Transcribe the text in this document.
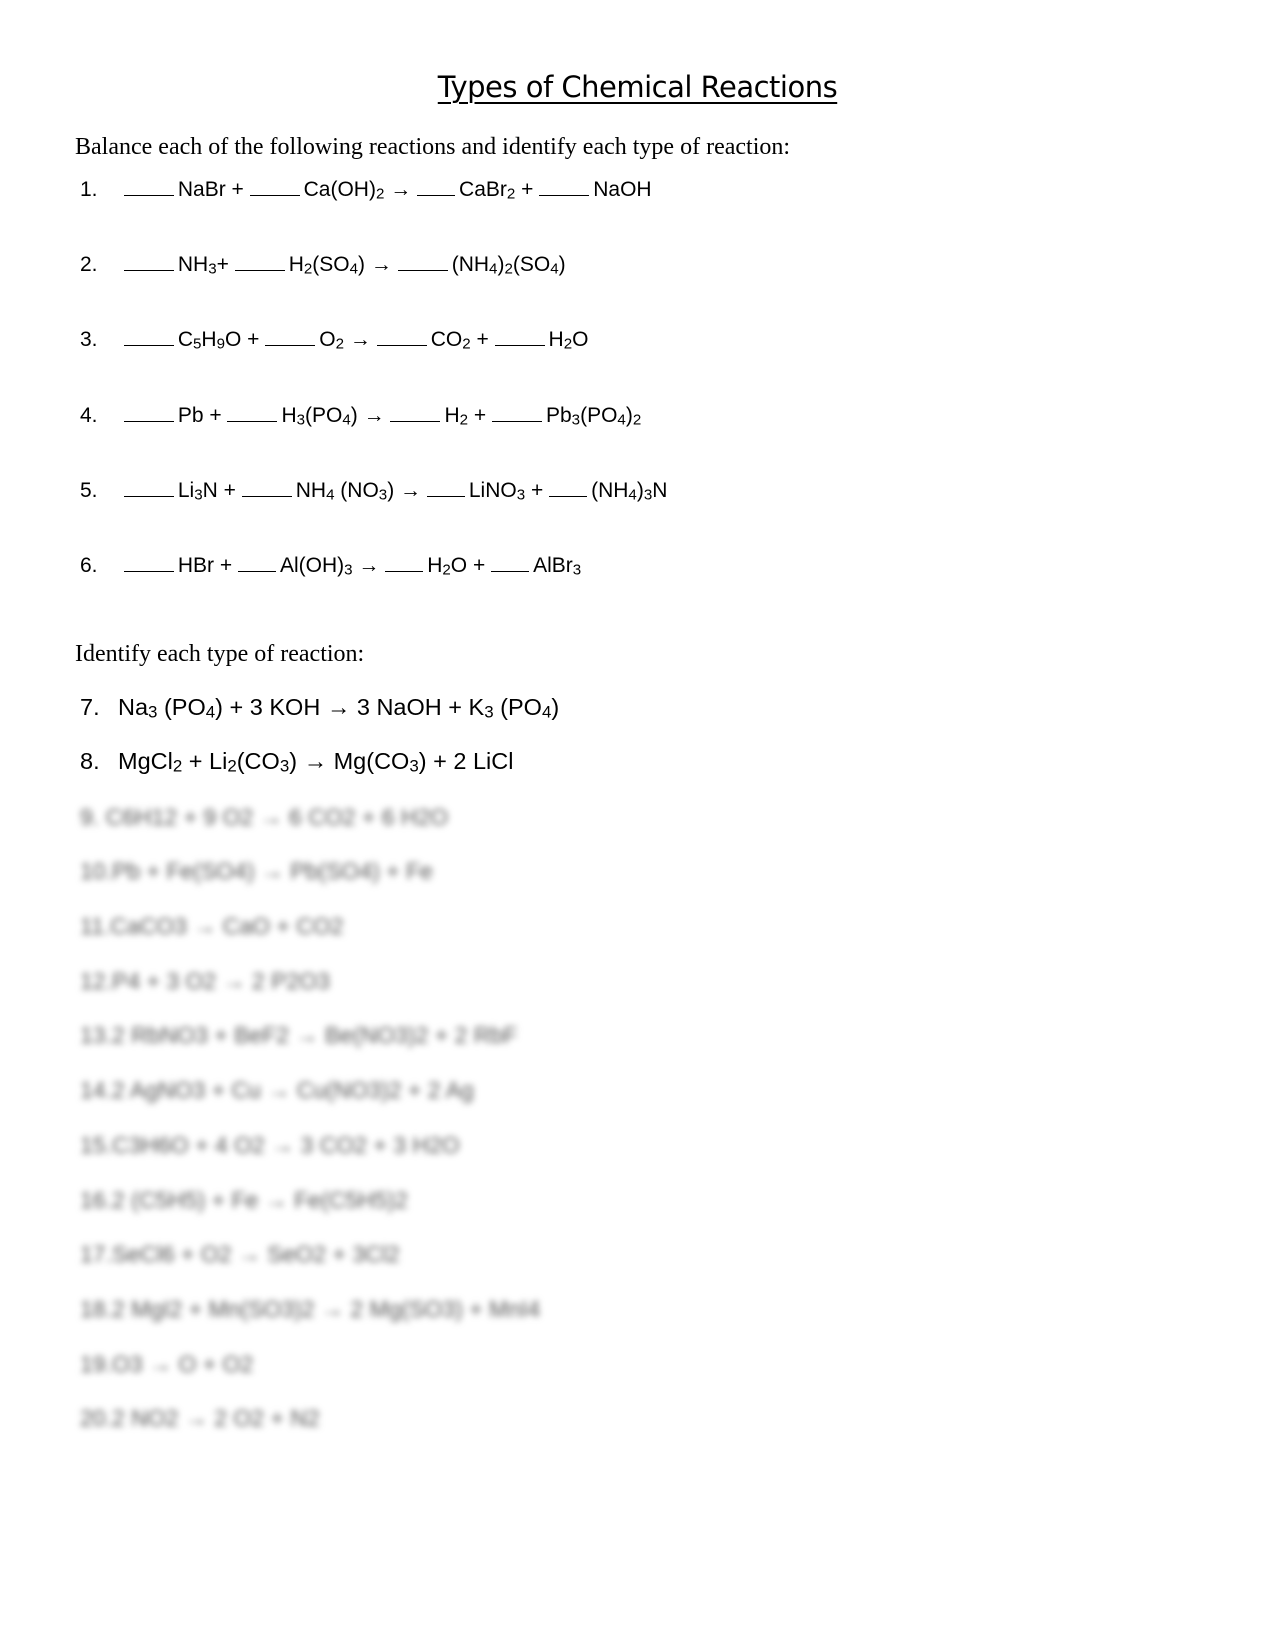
Types of Chemical Reactions
Balance each of the following reactions and identify each type of reaction:
1.	NaBr +	$Ca(OH)_2$ → CaBr$_2$ +	NaOH
2.	$NH_3+$	$H_2(SO_4)$ →	$(NH_4)_2(SO_4)$
3.	$C_5H_9O$ +	$O_2$ →	$CO_2$ +	$H_2O$
4.	Pb +	$H_3(PO_4)$ →	$H_2$ +	$Pb_3(PO_4)_2$
5.	$Li_3N$ +	$NH_4$ $(NO_3)$ → LiNO$_3$ + $(NH_4)_3N$
6.	HBr + $Al(OH)_3 \to H_2O$ + AlBr$_3$
Identify each type of reaction:
7. $Na_3$ $(PO_4) + 3$ KOH → 3 NaOH + $K_3$ $(PO_4)$
8. MgCl$_2$ + $Li_2(CO_3) \to Mg(CO_3) + 2$ LiCl
9. C6H12 + 9 O2 → 6 CO2 + 6 H2O
10.Pb + Fe(SO4) → Pb(SO4) + Fe
11.CaCO3 → CaO + CO2
12.P4 + 3 O2 → 2 P2O3
13.2 RbNO3 + BeF2 → Be(NO3)2 + 2 RbF
14.2 AgNO3 + Cu → Cu(NO3)2 + 2 Ag
15.C3H6O + 4 O2 → 3 CO2 + 3 H2O
16.2 (C5H5) + Fe → Fe(C5H5)2
17.SeCl6 + O2 → SeO2 + 3Cl2
18.2 MgI2 + Mn(SO3)2 → 2 Mg(SO3) + MnI4
19.O3 → O + O2
20.2 NO2 → 2 O2 + N2
